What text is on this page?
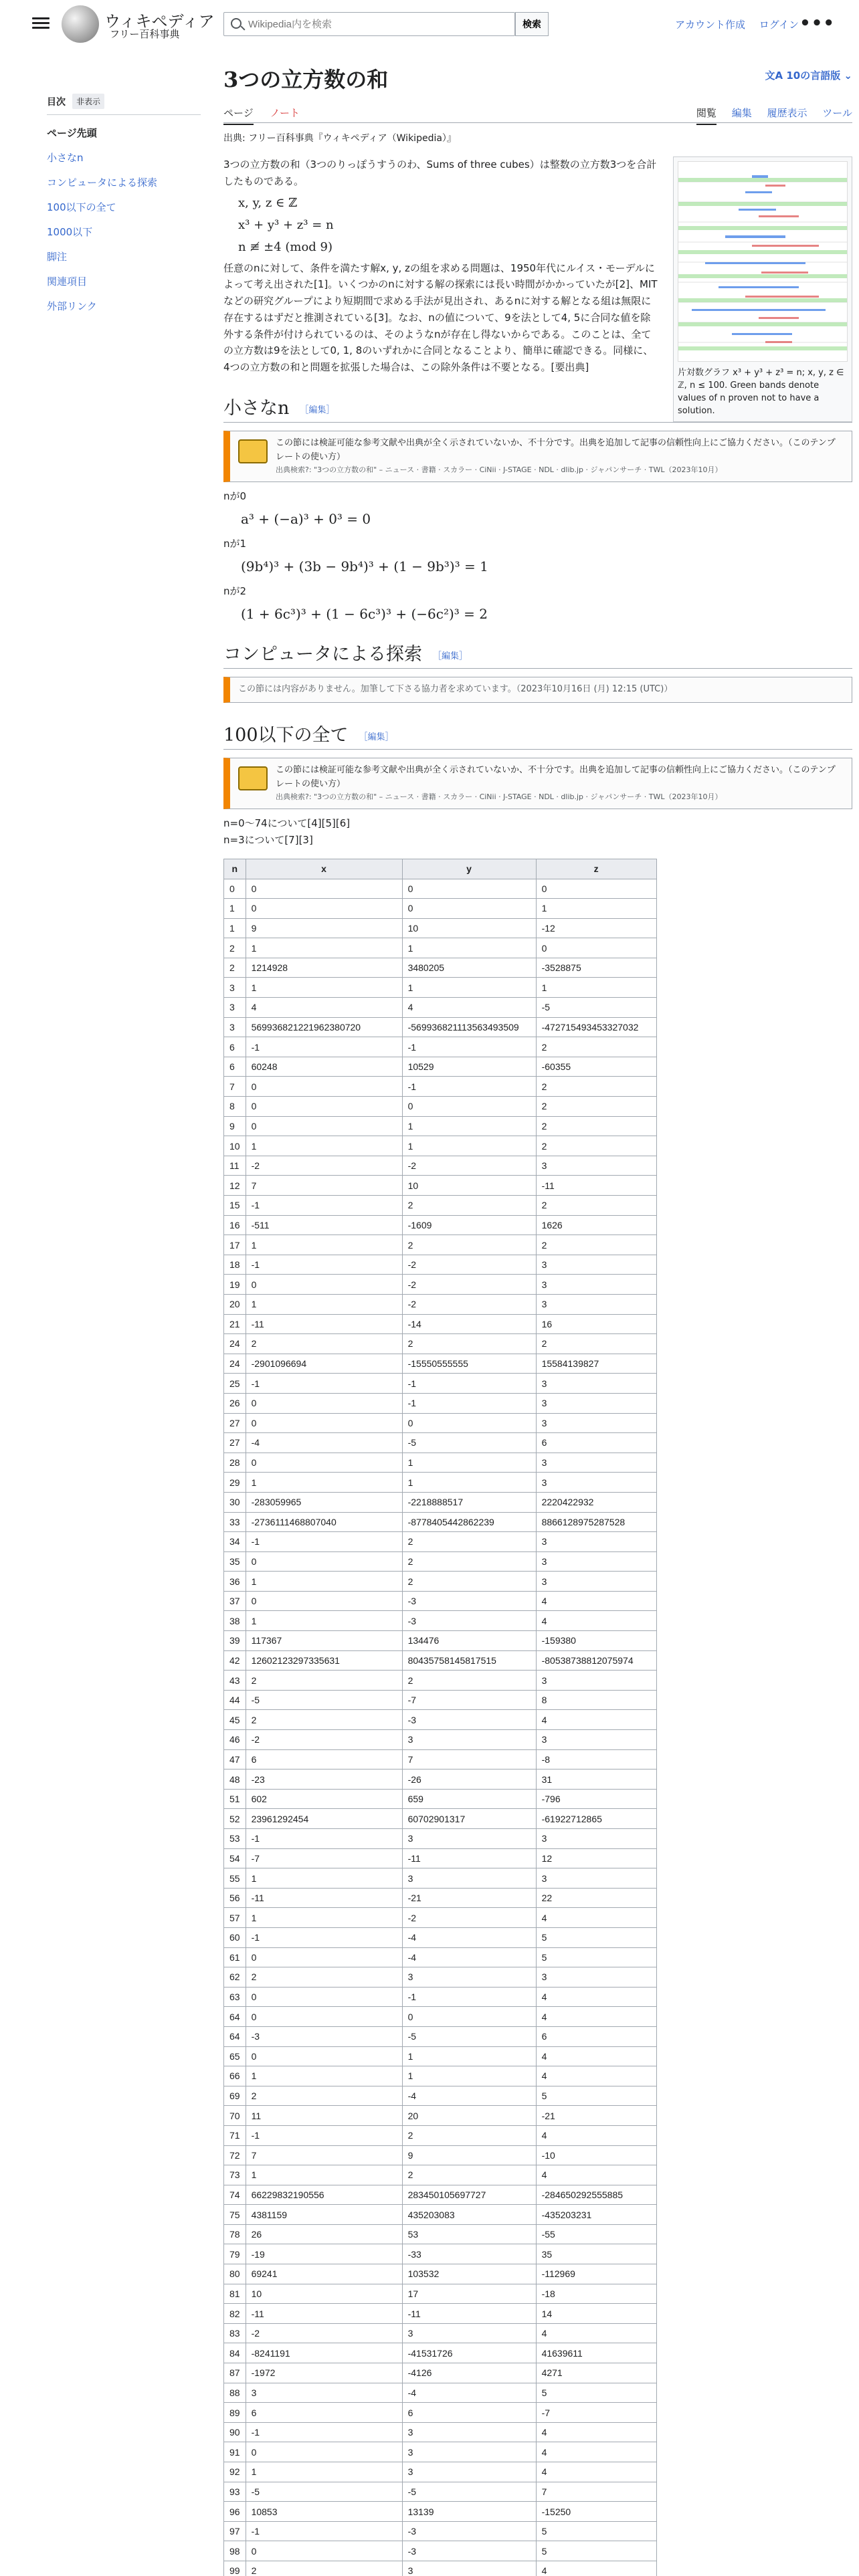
ウィキペディア
フリー百科事典
Wikipedia内を検索
検索	アカウント作成 ログイン •••
目次	非表示
ページ先頭
小さなn
コンピュータによる探索
100以下の全て
1000以下
脚注
関連項目
外部リンク
文A 10の言語版 ⌄
3つの立方数の和
ページ ノート	閲覧 編集 履歴表示 ツール
出典: フリー百科事典『ウィキペディア（Wikipedia）』
片対数グラフ x³ + y³ + z³ = n; x, y, z ∈ ℤ, n ≤ 100. Green bands denote values of n proven not to have a solution.

3つの立方数の和（3つのりっぽうすうのわ、Sums of three cubes）は整数の立方数3つを合計したものである。

x, y, z ∈ ℤ
x³ + y³ + z³ = n
n ≢ ±4 (mod 9)

任意のnに対して、条件を満たす解x, y, zの組を求める問題は、1950年代にルイス・モーデルによって考え出された[1]。いくつかのnに対する解の探索には長い時間がかかっていたが[2]、MITなどの研究グループにより短期間で求める手法が見出され、あるnに対する解となる組は無限に存在するはずだと推測されている[3]。なお、nの値について、9を法として4, 5に合同な値を除外する条件が付けられているのは、そのようなnが存在し得ないからである。このことは、全ての立方数は9を法として0, 1, 8のいずれかに合同となることより、簡単に確認できる。同様に、4つの立方数の和と問題を拡張した場合は、この除外条件は不要となる。[要出典]

小さなn ［編集］
この節には検証可能な参考文献や出典が全く示されていないか、不十分です。出典を追加して記事の信頼性向上にご協力ください。（このテンプレートの使い方）
出典検索?: "3つの立方数の和" – ニュース · 書籍 · スカラー · CiNii · J-STAGE · NDL · dlib.jp · ジャパンサーチ · TWL（2023年10月）

nが0

a³ + (−a)³ + 0³ = 0

nが1

(9b⁴)³ + (3b − 9b⁴)³ + (1 − 9b³)³ = 1

nが2

(1 + 6c³)³ + (1 − 6c³)³ + (−6c²)³ = 2
コンピュータによる探索 ［編集］
この節には内容がありません。加筆して下さる協力者を求めています。（2023年10月16日 (月) 12:15 (UTC)）
100以下の全て ［編集］
この節には検証可能な参考文献や出典が全く示されていないか、不十分です。出典を追加して記事の信頼性向上にご協力ください。（このテンプレートの使い方）
出典検索?: "3つの立方数の和" – ニュース · 書籍 · スカラー · CiNii · J-STAGE · NDL · dlib.jp · ジャパンサーチ · TWL（2023年10月）

n=0〜74について[4][5][6]

n=3について[7][3]

n	x	y	z
0	0	0	0
1	0	0	1
1	9	10	-12
2	1	1	0
2	1214928	3480205	-3528875
3	1	1	1
3	4	4	-5
3	569936821221962380720	-569936821113563493509	-472715493453327032
6	-1	-1	2
6	60248	10529	-60355
7	0	-1	2
8	0	0	2
9	0	1	2
10	1	1	2
11	-2	-2	3
12	7	10	-11
15	-1	2	2
16	-511	-1609	1626
17	1	2	2
18	-1	-2	3
19	0	-2	3
20	1	-2	3
21	-11	-14	16
24	2	2	2
24	-2901096694	-15550555555	15584139827
25	-1	-1	3
26	0	-1	3
27	0	0	3
27	-4	-5	6
28	0	1	3
29	1	1	3
30	-283059965	-2218888517	2220422932
33	-2736111468807040	-8778405442862239	8866128975287528
34	-1	2	3
35	0	2	3
36	1	2	3
37	0	-3	4
38	1	-3	4
39	117367	134476	-159380
42	12602123297335631	80435758145817515	-80538738812075974
43	2	2	3
44	-5	-7	8
45	2	-3	4
46	-2	3	3
47	6	7	-8
48	-23	-26	31
51	602	659	-796
52	23961292454	60702901317	-61922712865
53	-1	3	3
54	-7	-11	12
55	1	3	3
56	-11	-21	22
57	1	-2	4
60	-1	-4	5
61	0	-4	5
62	2	3	3
63	0	-1	4
64	0	0	4
64	-3	-5	6
65	0	1	4
66	1	1	4
69	2	-4	5
70	11	20	-21
71	-1	2	4
72	7	9	-10
73	1	2	4
74	66229832190556	283450105697727	-284650292555885
75	4381159	435203083	-435203231
78	26	53	-55
79	-19	-33	35
80	69241	103532	-112969
81	10	17	-18
82	-11	-11	14
83	-2	3	4
84	-8241191	-41531726	41639611
87	-1972	-4126	4271
88	3	-4	5
89	6	6	-7
90	-1	3	4
91	0	3	4
92	1	3	4
93	-5	-5	7
96	10853	13139	-15250
97	-1	-3	5
98	0	-3	5
99	2	3	4
